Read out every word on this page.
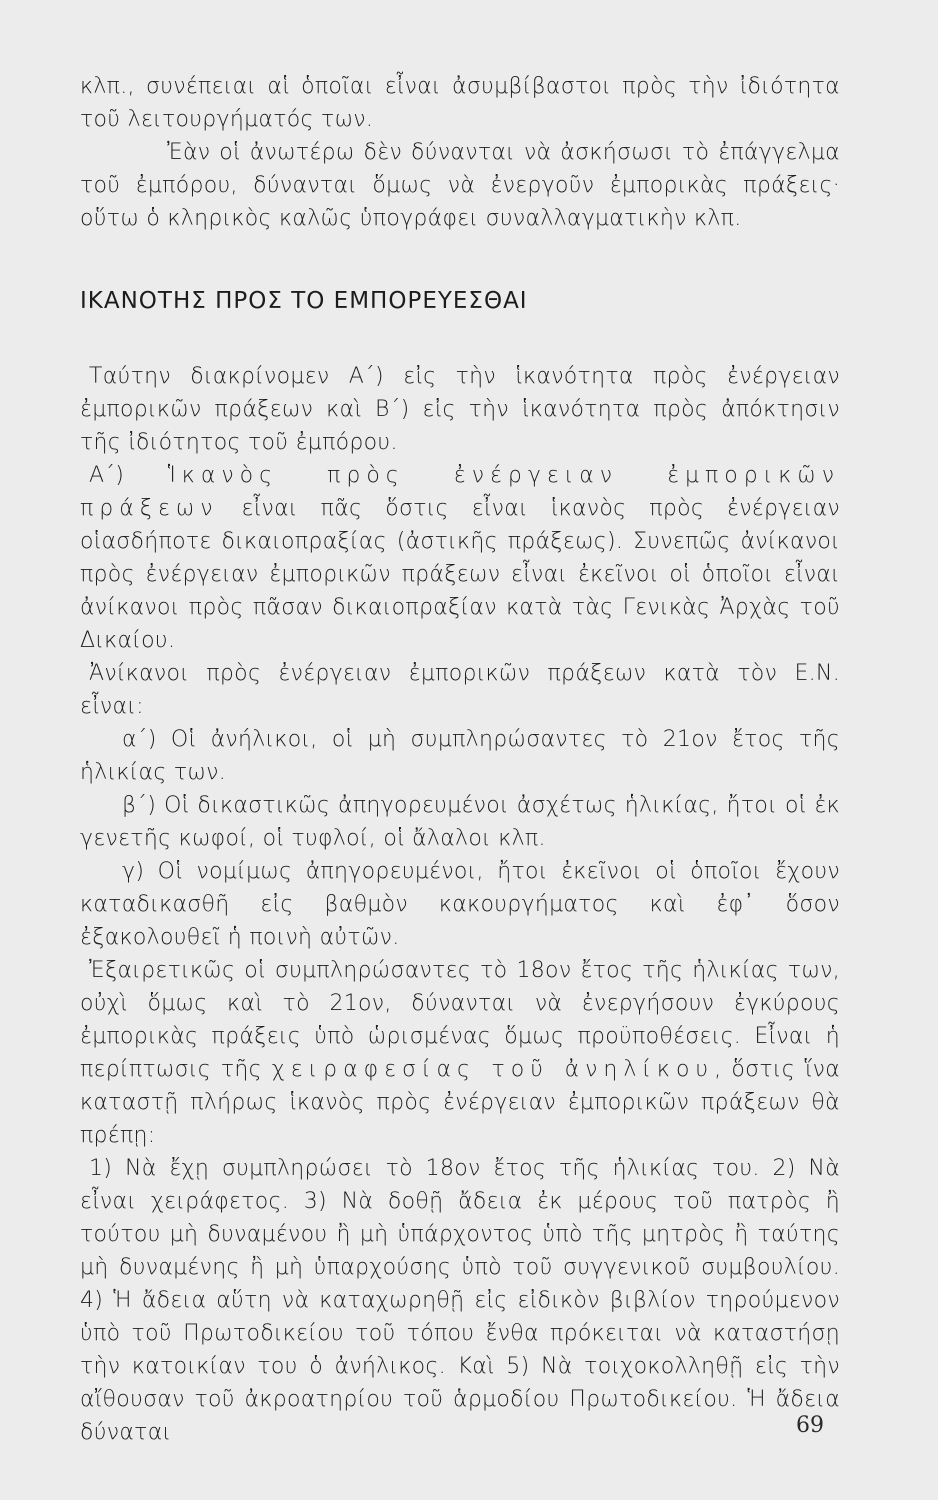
κλπ., συνέπειαι αἱ ὁποῖαι εἶναι ἀσυμβίβαστοι πρὸς τὴν ἰδιότητα τοῦ λειτουργήματός των.

Ἐὰν οἱ ἀνωτέρω δὲν δύνανται νὰ ἀσκήσωσι τὸ ἐπάγγελμα τοῦ ἐμπόρου, δύνανται ὅμως νὰ ἐνεργοῦν ἐμπορικὰς πράξεις· οὕτω ὁ κληρικὸς καλῶς ὑπογράφει συναλλαγματικὴν κλπ.

ΙΚΑΝΟΤΗΣ ΠΡΟΣ ΤΟ ΕΜΠΟΡΕΥΕΣΘΑΙ

Ταύτην διακρίνομεν Α΄) εἰς τὴν ἱκανότητα πρὸς ἐνέργειαν ἐμπορικῶν πράξεων καὶ Β΄) εἰς τὴν ἱκανότητα πρὸς ἀπόκτησιν τῆς ἰδιότητος τοῦ ἐμπόρου.

Α΄) Ἱκανὸς πρὸς ἐνέργειαν ἐμπορικῶν πράξεων εἶναι πᾶς ὅστις εἶναι ἱκανὸς πρὸς ἐνέργειαν οἱασδήποτε δικαιοπραξίας (ἀστικῆς πράξεως). Συνεπῶς ἀνίκανοι πρὸς ἐνέργειαν ἐμπορικῶν πράξεων εἶναι ἐκεῖνοι οἱ ὁποῖοι εἶναι ἀνίκανοι πρὸς πᾶσαν δικαιοπραξίαν κατὰ τὰς Γενικὰς Ἀρχὰς τοῦ Δικαίου.

Ἀνίκανοι πρὸς ἐνέργειαν ἐμπορικῶν πράξεων κατὰ τὸν Ε.Ν. εἶναι:

α΄) Οἱ ἀνήλικοι, οἱ μὴ συμπληρώσαντες τὸ 21ον ἔτος τῆς ἡλικίας των.

β΄) Οἱ δικαστικῶς ἀπηγορευμένοι ἀσχέτως ἡλικίας, ἤτοι οἱ ἐκ γενετῆς κωφοί, οἱ τυφλοί, οἱ ἄλαλοι κλπ.

γ) Οἱ νομίμως ἀπηγορευμένοι, ἤτοι ἐκεῖνοι οἱ ὁποῖοι ἔχουν καταδικασθῆ εἰς βαθμὸν κακουργήματος καὶ ἐφ᾽ ὅσον ἐξακολουθεῖ ἡ ποινὴ αὐτῶν.

Ἐξαιρετικῶς οἱ συμπληρώσαντες τὸ 18ον ἔτος τῆς ἡλικίας των, οὐχὶ ὅμως καὶ τὸ 21ον, δύνανται νὰ ἐνεργήσουν ἐγκύρους ἐμπορικὰς πράξεις ὑπὸ ὡρισμένας ὅμως προϋποθέσεις. Εἶναι ἡ περίπτωσις τῆς χειραφεσίας τοῦ ἀνηλίκου, ὅστις ἵνα καταστῇ πλήρως ἱκανὸς πρὸς ἐνέργειαν ἐμπορικῶν πράξεων θὰ πρέπῃ:

1) Νὰ ἔχῃ συμπληρώσει τὸ 18ον ἔτος τῆς ἡλικίας του. 2) Νὰ εἶναι χειράφετος. 3) Νὰ δοθῇ ἄδεια ἐκ μέρους τοῦ πατρὸς ἢ τούτου μὴ δυναμένου ἢ μὴ ὑπάρχοντος ὑπὸ τῆς μητρὸς ἢ ταύτης μὴ δυναμένης ἢ μὴ ὑπαρχούσης ὑπὸ τοῦ συγγενικοῦ συμβουλίου. 4) Ἡ ἄδεια αὕτη νὰ καταχωρηθῇ εἰς εἰδικὸν βιβλίον τηρούμενον ὑπὸ τοῦ Πρωτοδικείου τοῦ τόπου ἔνθα πρόκειται νὰ καταστήσῃ τὴν κατοικίαν του ὁ ἀνήλικος. Καὶ 5) Νὰ τοιχοκολληθῇ εἰς τὴν αἴθουσαν τοῦ ἀκροατηρίου τοῦ ἁρμοδίου Πρωτοδικείου. Ἡ ἄδεια δύναται	69
